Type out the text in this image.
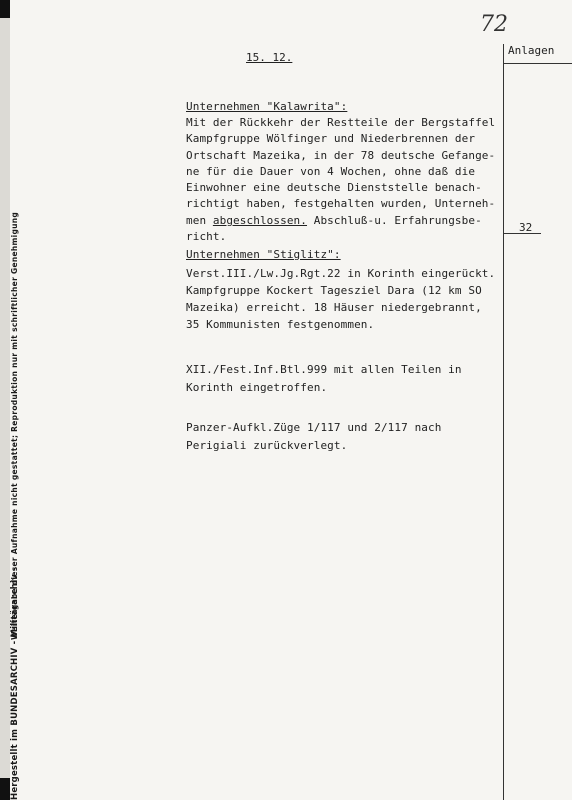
Hergestellt im BUNDESARCHIV - Militärarchiv -
Weitergabe dieser Aufnahme nicht gestattet; Reproduktion nur mit schriftlicher Genehmigung
72
15. 12.
Anlagen
32
Unternehmen "Kalawrita":
Mit der Rückkehr der Restteile der Bergstaffel
Kampfgruppe Wölfinger und Niederbrennen der
Ortschaft Mazeika, in der 78 deutsche Gefange-
ne für die Dauer von 4 Wochen, ohne daß die
Einwohner eine deutsche Dienststelle benach-
richtigt haben, festgehalten wurden, Unterneh-
men abgeschlossen. Abschluß-u. Erfahrungsbe-
richt.
Unternehmen "Stiglitz":
Verst.III./Lw.Jg.Rgt.22 in Korinth eingerückt.
Kampfgruppe Kockert Tagesziel Dara (12 km SO
Mazeika) erreicht. 18 Häuser niedergebrannt,
35 Kommunisten festgenommen.
XII./Fest.Inf.Btl.999 mit allen Teilen in
Korinth eingetroffen.
Panzer-Aufkl.Züge 1/117 und 2/117 nach
Perigiali zurückverlegt.
